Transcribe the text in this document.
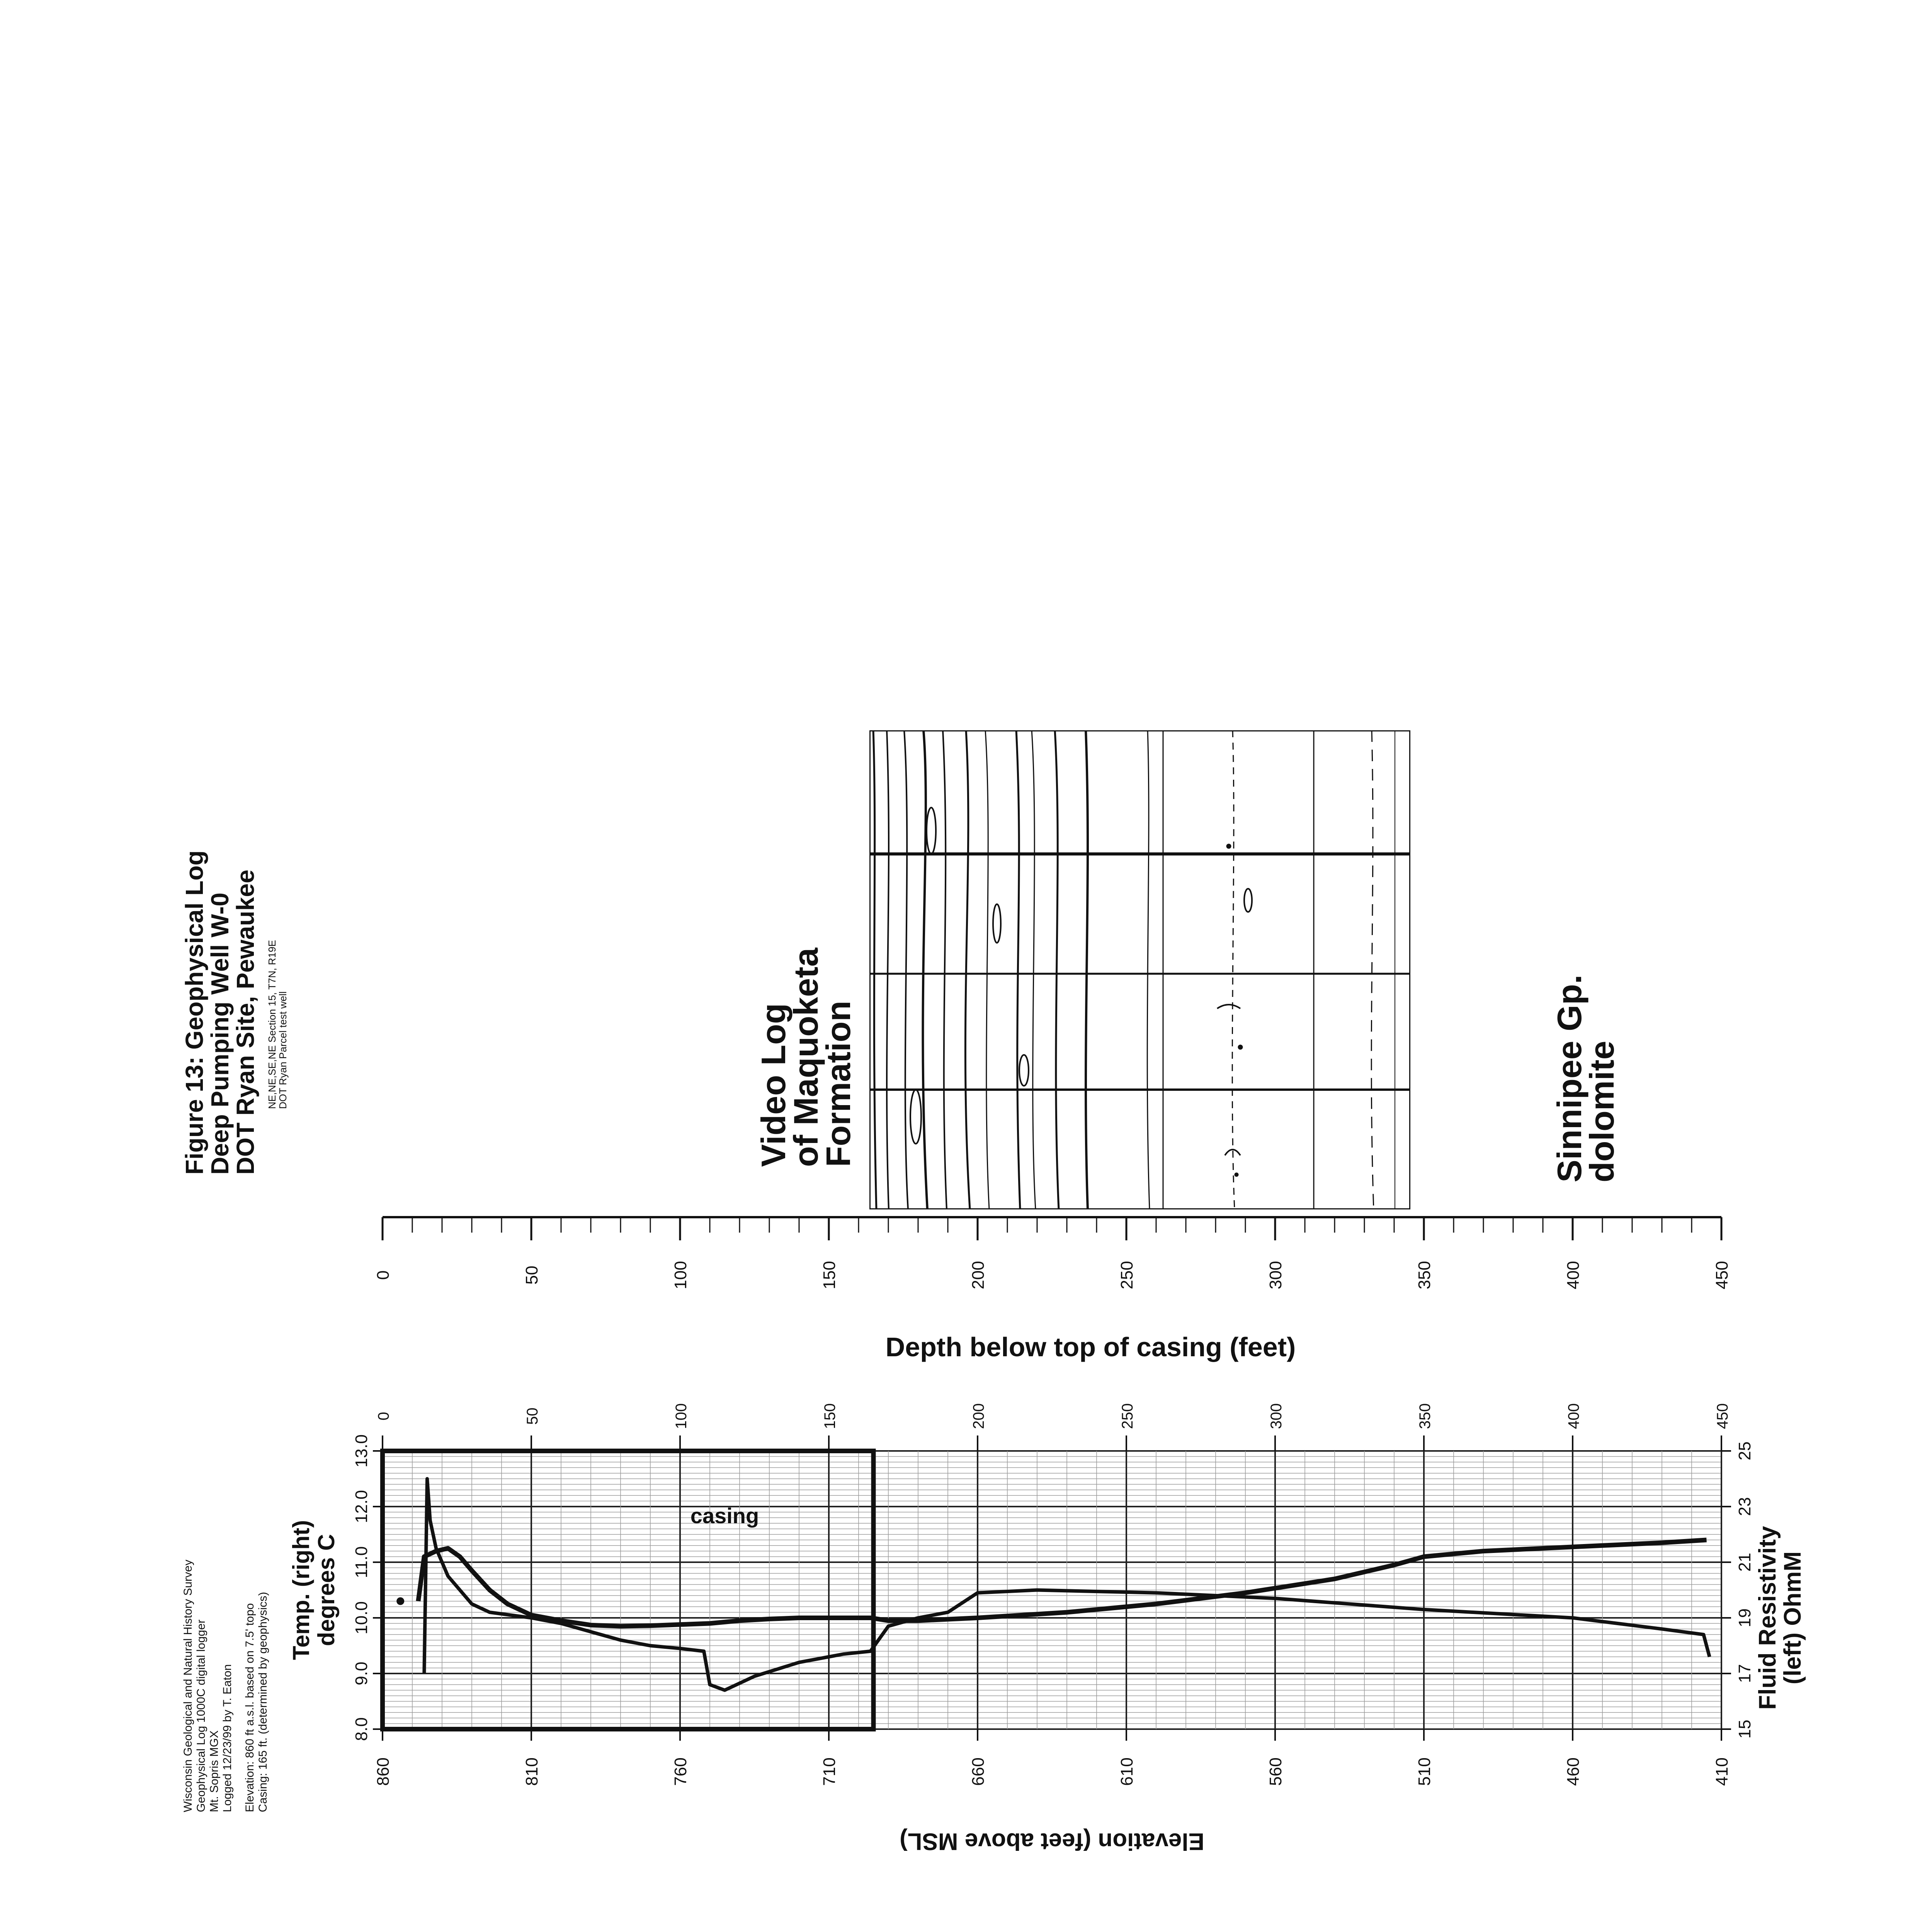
Figure 13: Geophysical Log
Deep Pumping Well W-0
DOT Ryan Site, Pewaukee NE,NE,SE,NE Section 15, T7N, R19E
DOT Ryan Parcel test well
Wisconsin Geological and Natural History Survey Geophysical Log 1000C digital logger Mt. Sopris MGX Logged 12/23/99 by T. Eaton Elevation: 860 ft a.s.l. based on 7.5' topo Casing: 165 ft. (determined by geophysics)
Video Log
of Maquoketa
Formation	Sinnipee Gp.
dolomite
0	50	100	150	200	250	300	350	400	450
Depth below top of casing (feet)
0	50	100	150	200	250	300	350	400	450
casing
8.0
9.0
10.0
11.0
12.0
13.0
Temp. (right)
degrees C
15
17
19
21
23
25
Fluid Resistivity
(left) OhmM
860	810	760	710	660	610	560	510	460	410
Elevation (feet above MSL)
